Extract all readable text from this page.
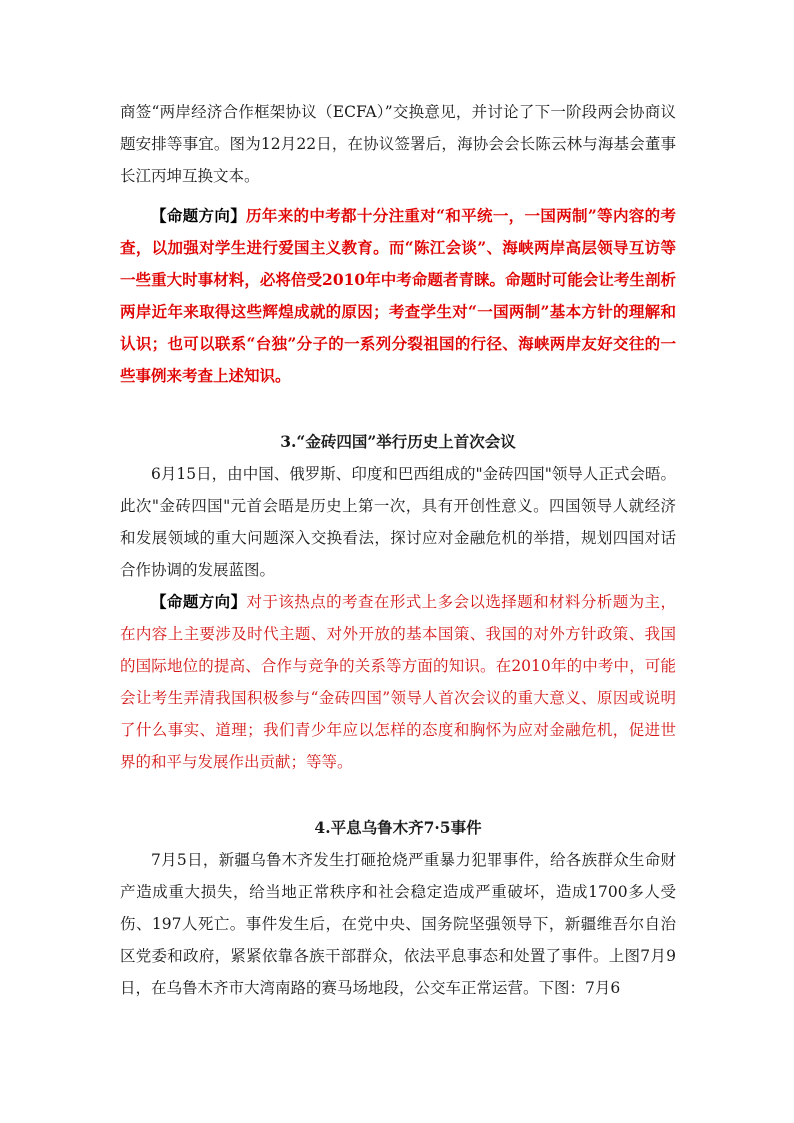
商签“两岸经济合作框架协议（ECFA）”交换意见，并讨论了下一阶段两会协商议题安排等事宜。图为12月22日，在协议签署后，海协会会长陈云林与海基会董事长江丙坤互换文本。

【命题方向】历年来的中考都十分注重对“和平统一，一国两制”等内容的考查，以加强对学生进行爱国主义教育。而“陈江会谈”、海峡两岸高层领导互访等一些重大时事材料，必将倍受2010年中考命题者青睐。命题时可能会让考生剖析两岸近年来取得这些辉煌成就的原因；考查学生对“一国两制”基本方针的理解和认识；也可以联系“台独”分子的一系列分裂祖国的行径、海峡两岸友好交往的一些事例来考查上述知识。

3.“金砖四国”举行历史上首次会议

6月15日，由中国、俄罗斯、印度和巴西组成的"金砖四国"领导人正式会晤。此次"金砖四国"元首会晤是历史上第一次，具有开创性意义。四国领导人就经济和发展领域的重大问题深入交换看法，探讨应对金融危机的举措，规划四国对话合作协调的发展蓝图。

【命题方向】对于该热点的考查在形式上多会以选择题和材料分析题为主，在内容上主要涉及时代主题、对外开放的基本国策、我国的对外方针政策、我国的国际地位的提高、合作与竞争的关系等方面的知识。在2010年的中考中，可能会让考生弄清我国积极参与“金砖四国”领导人首次会议的重大意义、原因或说明了什么事实、道理；我们青少年应以怎样的态度和胸怀为应对金融危机，促进世界的和平与发展作出贡献；等等。

4.平息乌鲁木齐7·5事件

7月5日，新疆乌鲁木齐发生打砸抢烧严重暴力犯罪事件，给各族群众生命财产造成重大损失，给当地正常秩序和社会稳定造成严重破坏，造成1700多人受伤、197人死亡。事件发生后，在党中央、国务院坚强领导下，新疆维吾尔自治区党委和政府，紧紧依靠各族干部群众，依法平息事态和处置了事件。上图7月9日，在乌鲁木齐市大湾南路的赛马场地段，公交车正常运营。下图：7月6
